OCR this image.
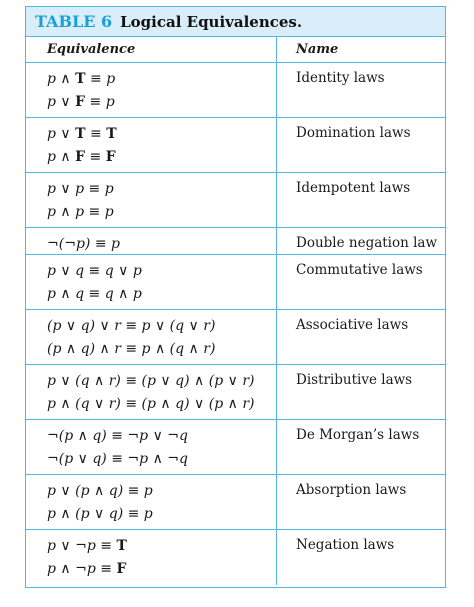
TABLE 6 Logical Equivalences.
Equivalence	Name
p ∧ T ≡ p
p ∨ F ≡ p
Identity laws
p ∨ T ≡ T
p ∧ F ≡ F
Domination laws
p ∨ p ≡ p
p ∧ p ≡ p
Idempotent laws
¬(¬p) ≡ p	Double negation law
p ∨ q ≡ q ∨ p
p ∧ q ≡ q ∧ p
Commutative laws
(p ∨ q) ∨ r ≡ p ∨ (q ∨ r)
(p ∧ q) ∧ r ≡ p ∧ (q ∧ r)
Associative laws
p ∨ (q ∧ r) ≡ (p ∨ q) ∧ (p ∨ r)
p ∧ (q ∨ r) ≡ (p ∧ q) ∨ (p ∧ r)
Distributive laws
¬(p ∧ q) ≡ ¬p ∨ ¬q
¬(p ∨ q) ≡ ¬p ∧ ¬q
De Morgan’s laws
p ∨ (p ∧ q) ≡ p
p ∧ (p ∨ q) ≡ p
Absorption laws
p ∨ ¬p ≡ T
p ∧ ¬p ≡ F
Negation laws
